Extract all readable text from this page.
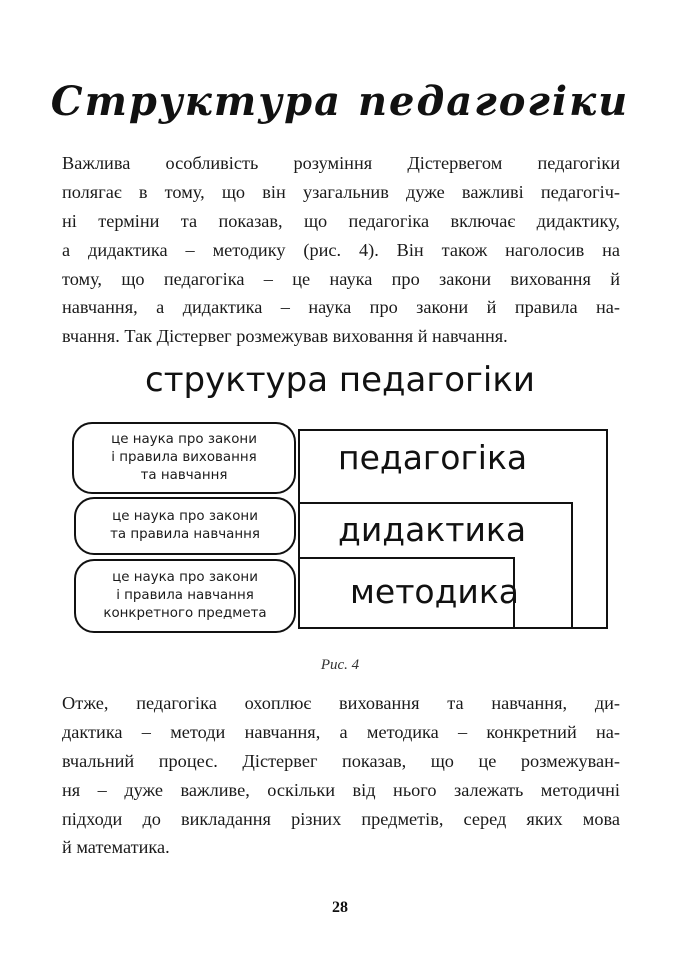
Структура педагогіки
Важлива особливість розуміння Дістервегом педагогіки
полягає в тому, що він узагальнив дуже важливі педагогіч-
ні терміни та показав, що педагогіка включає дидактику,
а дидактика – методику (рис. 4). Він також наголосив на
тому, що педагогіка – це наука про закони виховання й
навчання, а дидактика – наука про закони й правила на-
вчання. Так Дістервег розмежував виховання й навчання.
структура педагогіки
це наука про закони
і правила виховання
та навчання
це наука про закони
та правила навчання
це наука про закони
і правила навчання
конкретного предмета
педагогіка
дидактика
методика
Рис. 4
Отже, педагогіка охоплює виховання та навчання, ди-
дактика – методи навчання, а методика – конкретний на-
вчальний процес. Дістервег показав, що це розмежуван-
ня – дуже важливе, оскільки від нього залежать методичні
підходи до викладання різних предметів, серед яких мова
й математика.
28
